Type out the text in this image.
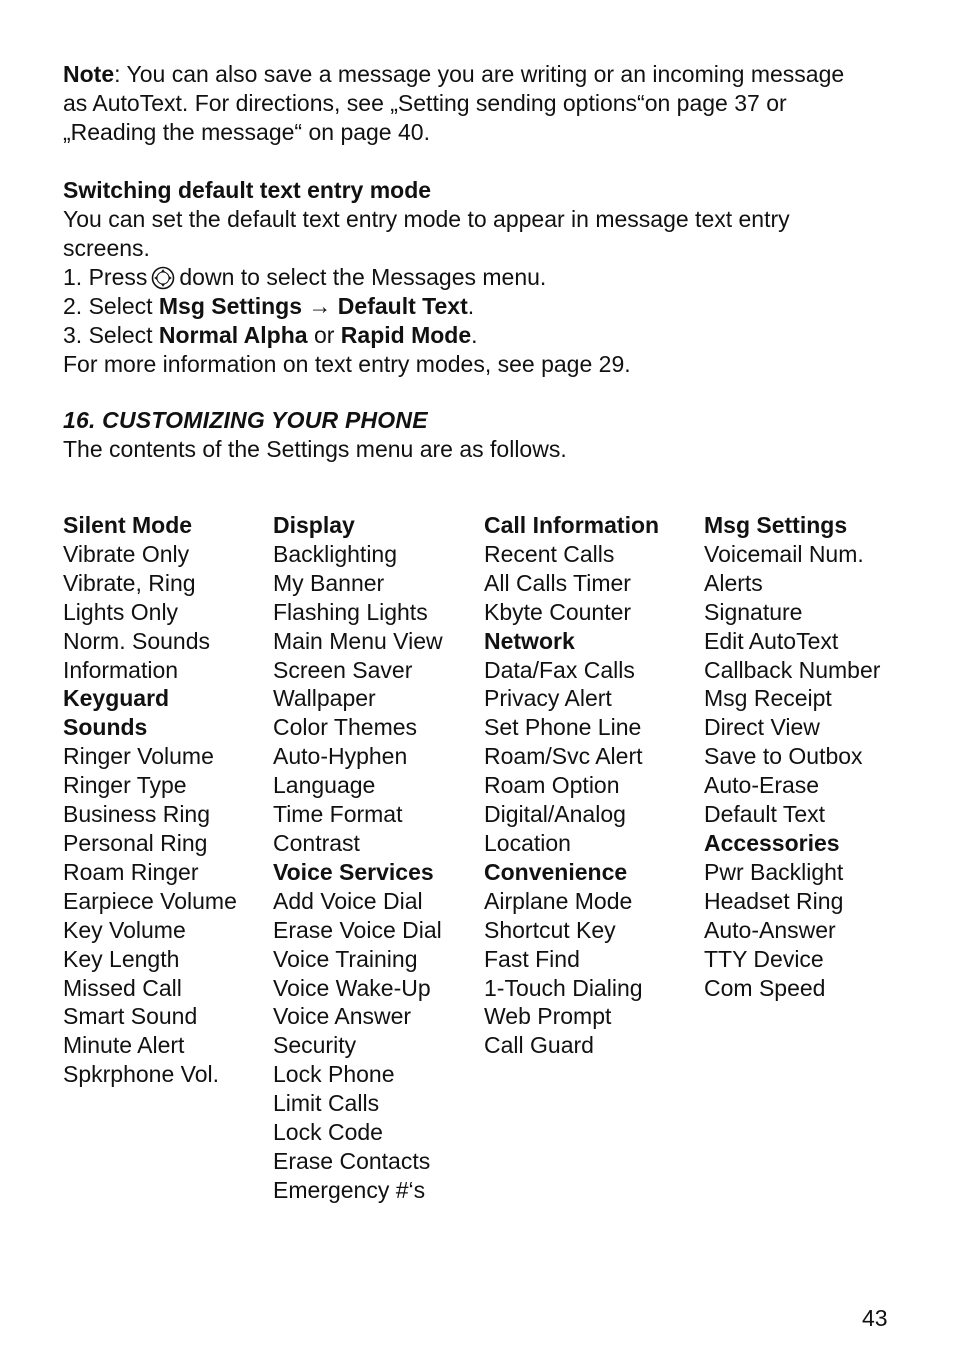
Note: You can also save a message you are writing or an incoming message

as AutoText. For directions, see „Setting sending options“on page 37 or

„Reading the message“ on page 40.

Switching default text entry mode

You can set the default text entry mode to appear in message text entry

screens.

1. Press down to select the Messages menu.

2. Select Msg Settings → Default Text.

3. Select Normal Alpha or Rapid Mode.

For more information on text entry modes, see page 29.

16. CUSTOMIZING YOUR PHONE

The contents of the Settings menu are as follows.

Silent Mode
Vibrate Only
Vibrate, Ring
Lights Only
Norm. Sounds
Information
Keyguard
Sounds
Ringer Volume
Ringer Type
Business Ring
Personal Ring
Roam Ringer
Earpiece Volume
Key Volume
Key Length
Missed Call
Smart Sound
Minute Alert
Spkrphone Vol.
Display
Backlighting
My Banner
Flashing Lights
Main Menu View
Screen Saver
Wallpaper
Color Themes
Auto-Hyphen
Language
Time Format
Contrast
Voice Services
Add Voice Dial
Erase Voice Dial
Voice Training
Voice Wake-Up
Voice Answer
Security
Lock Phone
Limit Calls
Lock Code
Erase Contacts
Emergency #‘s
Call Information
Recent Calls
All Calls Timer
Kbyte Counter
Network
Data/Fax Calls
Privacy Alert
Set Phone Line
Roam/Svc Alert
Roam Option
Digital/Analog
Location
Convenience
Airplane Mode
Shortcut Key
Fast Find
1-Touch Dialing
Web Prompt
Call Guard
Msg Settings
Voicemail Num.
Alerts
Signature
Edit AutoText
Callback Number
Msg Receipt
Direct View
Save to Outbox
Auto-Erase
Default Text
Accessories
Pwr Backlight
Headset Ring
Auto-Answer
TTY Device
Com Speed
43
